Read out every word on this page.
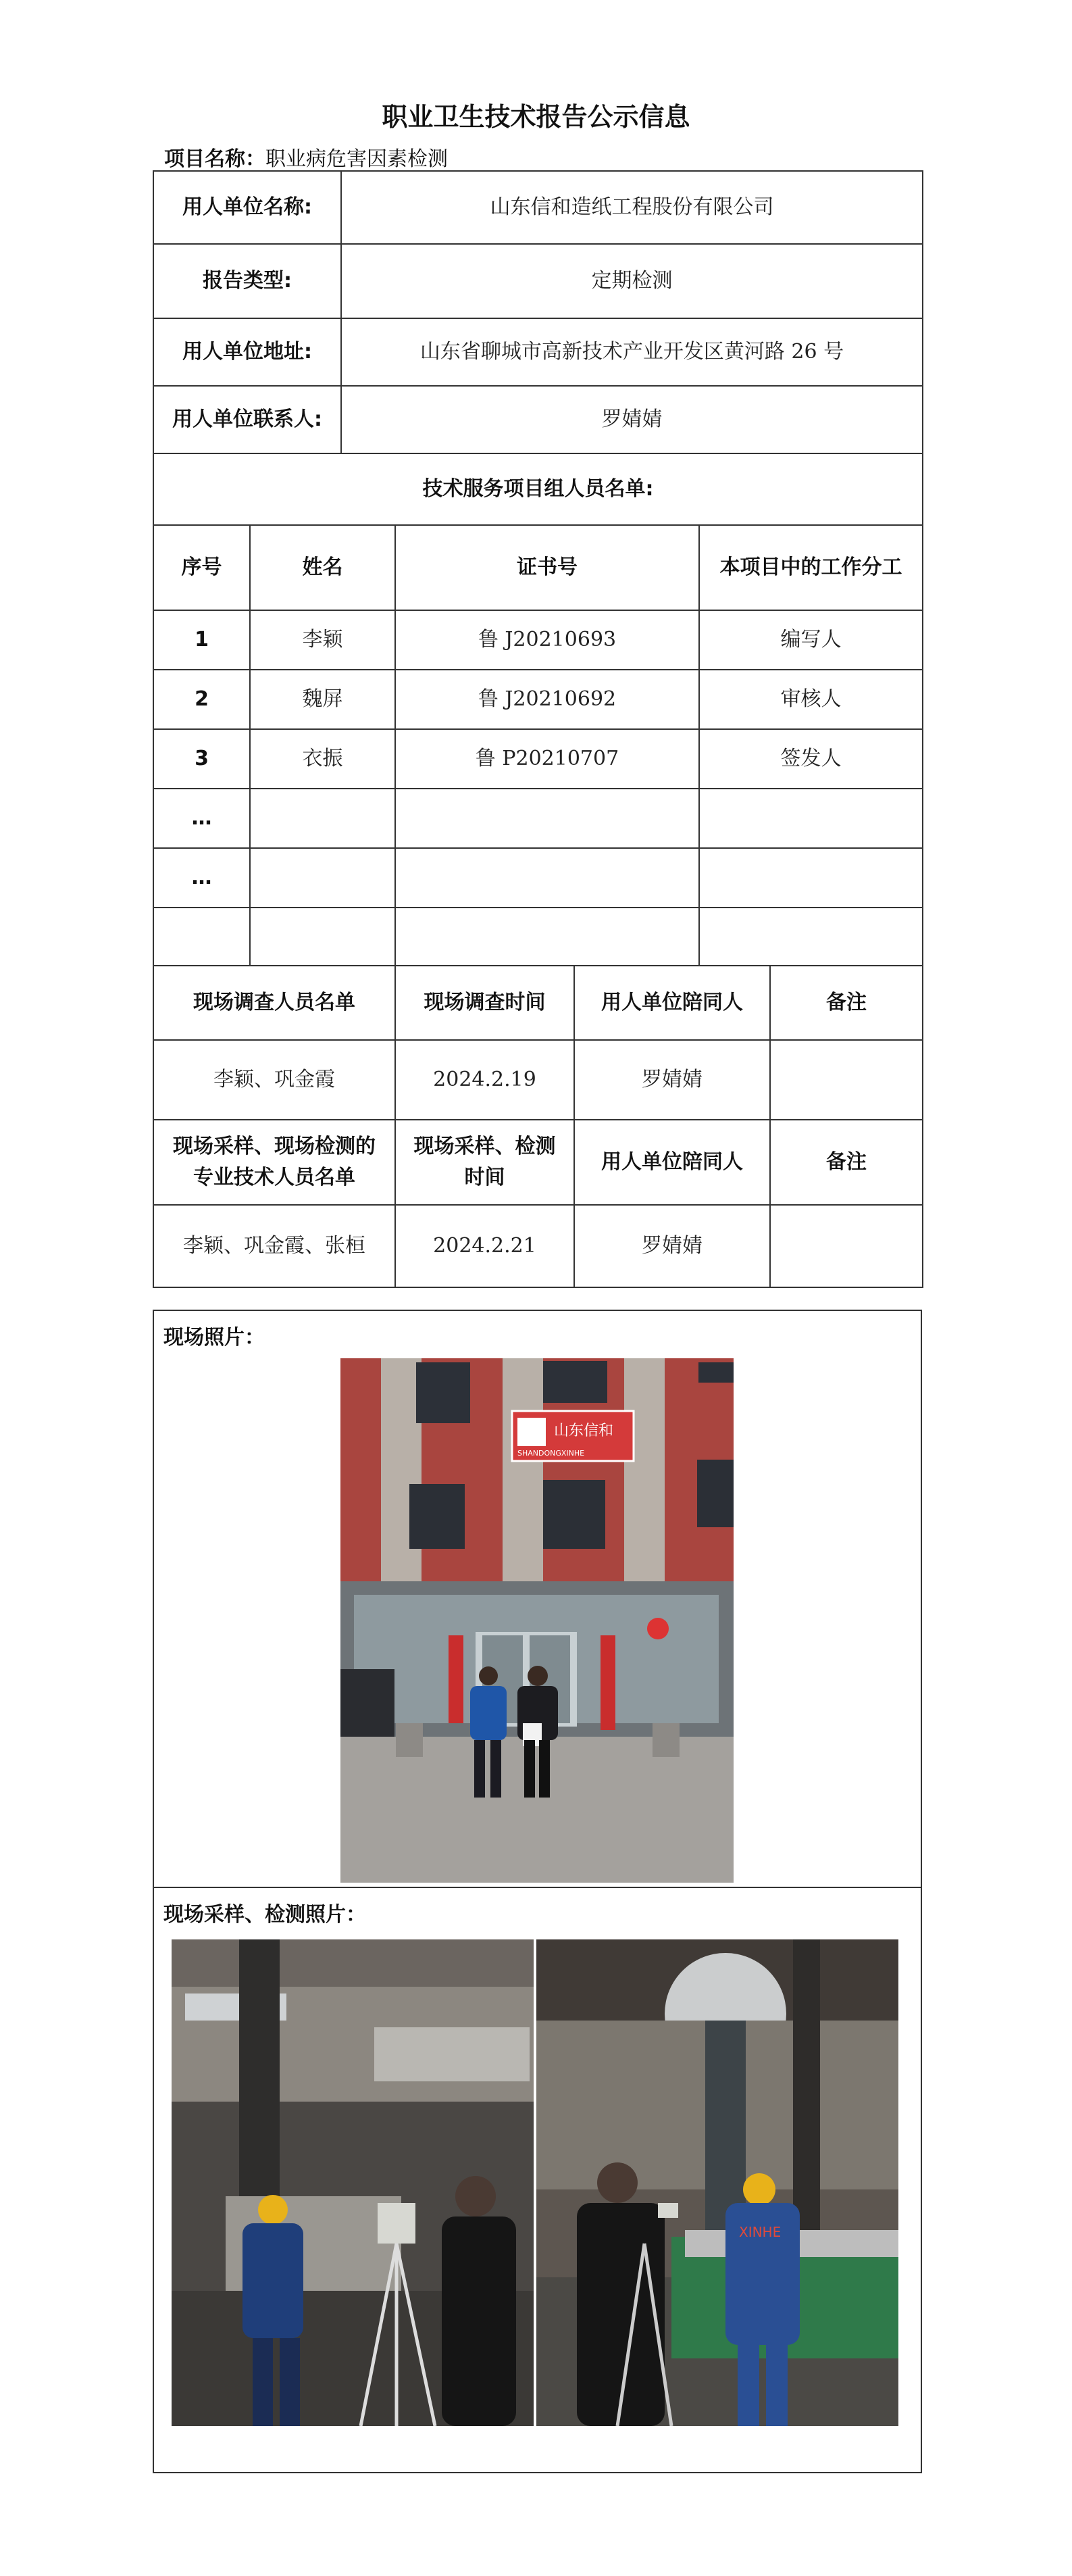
职业卫生技术报告公示信息
项目名称：职业病危害因素检测
用人单位名称:	山东信和造纸工程股份有限公司
报告类型:	定期检测
用人单位地址:	山东省聊城市高新技术产业开发区黄河路 26 号
用人单位联系人:	罗婧婧
技术服务项目组人员名单:	
序号	姓名	证书号	本项目中的工作分工
1	李颖	鲁 J20210693	编写人
2	魏屏	鲁 J20210692	审核人
3	衣振	鲁 P20210707	签发人
…			
…			

现场调查人员名单	现场调查时间	用人单位陪同人	备注
李颖、巩金霞	2024.2.19	罗婧婧	
现场采样、现场检测的专业技术人员名单	现场采样、检测时间	用人单位陪同人	备注
李颖、巩金霞、张桓	2024.2.21	罗婧婧	
现场照片：
山东信和
SHANDONGXINHE
现场采样、检测照片：
XINHE
